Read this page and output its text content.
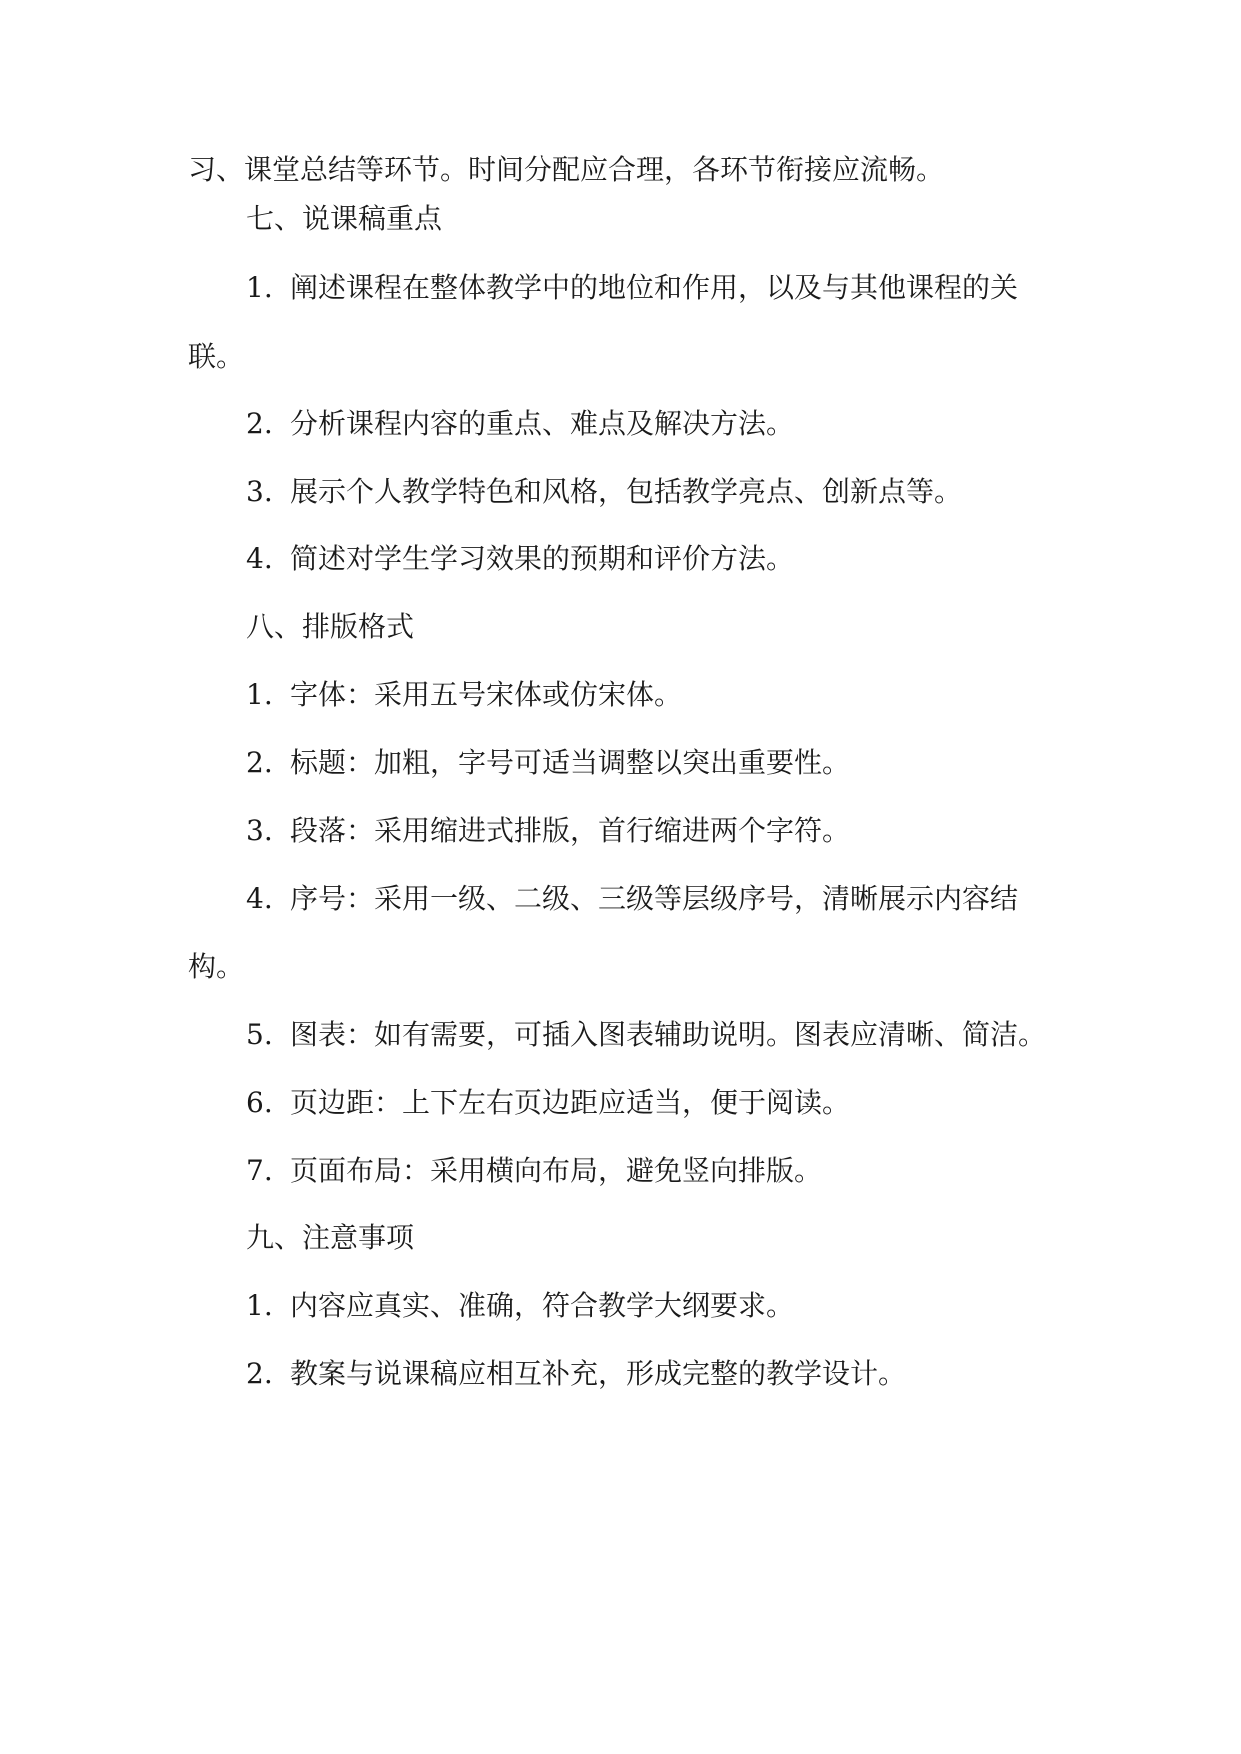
习、课堂总结等环节。时间分配应合理，各环节衔接应流畅。
七、说课稿重点
1. 阐述课程在整体教学中的地位和作用，以及与其他课程的关
联。
2. 分析课程内容的重点、难点及解决方法。
3. 展示个人教学特色和风格，包括教学亮点、创新点等。
4. 简述对学生学习效果的预期和评价方法。
八、排版格式
1. 字体：采用五号宋体或仿宋体。
2. 标题：加粗，字号可适当调整以突出重要性。
3. 段落：采用缩进式排版，首行缩进两个字符。
4. 序号：采用一级、二级、三级等层级序号，清晰展示内容结
构。
5. 图表：如有需要，可插入图表辅助说明。图表应清晰、简洁。
6. 页边距：上下左右页边距应适当，便于阅读。
7. 页面布局：采用横向布局，避免竖向排版。
九、注意事项
1. 内容应真实、准确，符合教学大纲要求。
2. 教案与说课稿应相互补充，形成完整的教学设计。
